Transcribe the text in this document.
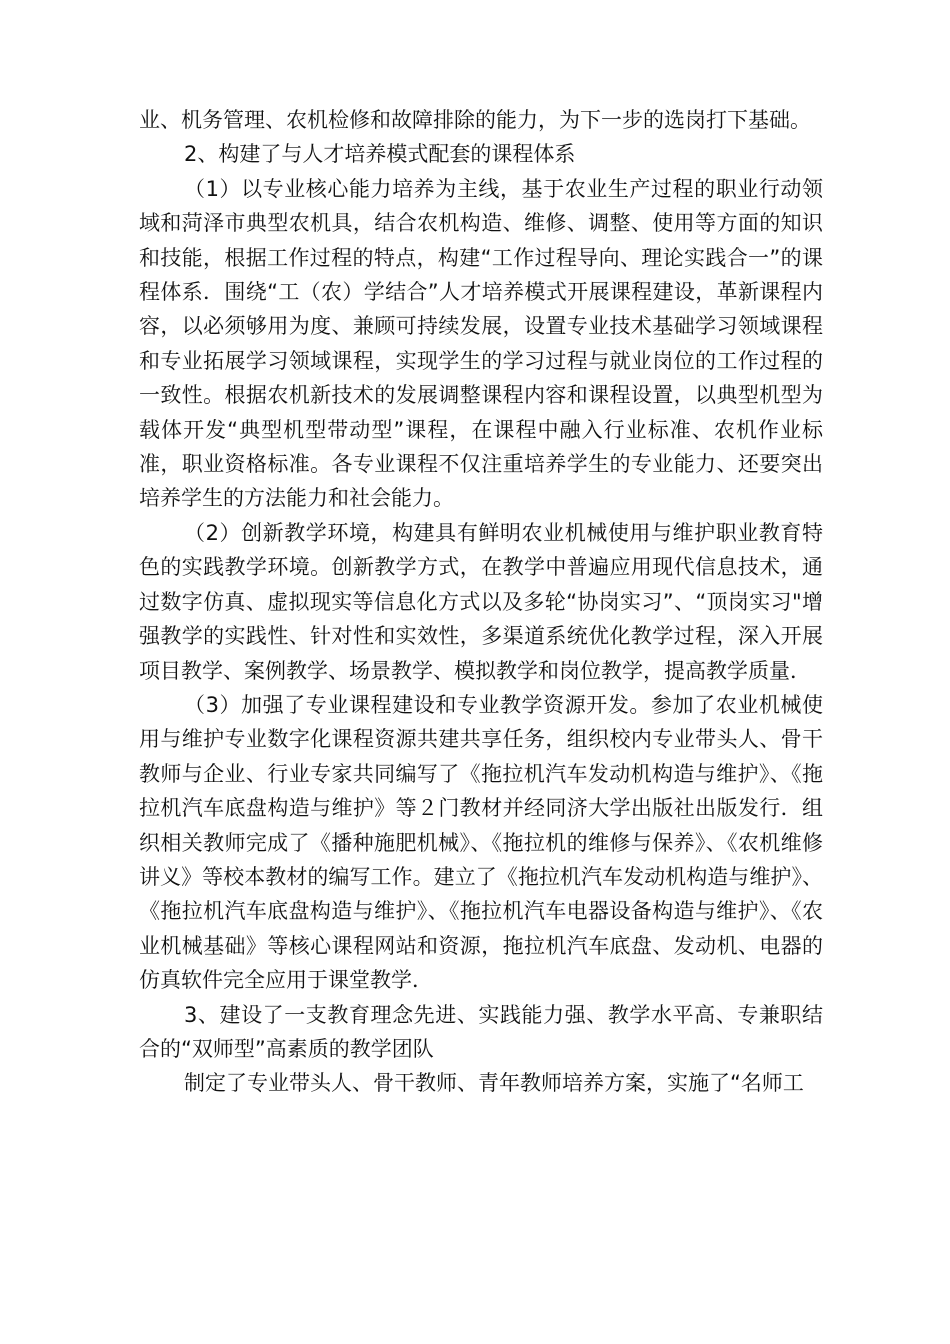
业、机务管理、农机检修和故障排除的能力，为下一步的选岗打下基础。

2、构建了与人才培养模式配套的课程体系

（1）以专业核心能力培养为主线，基于农业生产过程的职业行动领域和菏泽市典型农机具，结合农机构造、维修、调整、使用等方面的知识和技能，根据工作过程的特点，构建“工作过程导向、理论实践合一”的课程体系．围绕“工（农）学结合”人才培养模式开展课程建设，革新课程内容，以必须够用为度、兼顾可持续发展，设置专业技术基础学习领域课程和专业拓展学习领域课程，实现学生的学习过程与就业岗位的工作过程的一致性。根据农机新技术的发展调整课程内容和课程设置，以典型机型为载体开发“典型机型带动型”课程，在课程中融入行业标准、农机作业标准，职业资格标准。各专业课程不仅注重培养学生的专业能力、还要突出培养学生的方法能力和社会能力。

（2）创新教学环境，构建具有鲜明农业机械使用与维护职业教育特色的实践教学环境。创新教学方式，在教学中普遍应用现代信息技术，通过数字仿真、虚拟现实等信息化方式以及多轮“协岗实习”、“顶岗实习"增强教学的实践性、针对性和实效性，多渠道系统优化教学过程，深入开展项目教学、案例教学、场景教学、模拟教学和岗位教学，提高教学质量．

（3）加强了专业课程建设和专业教学资源开发。参加了农业机械使用与维护专业数字化课程资源共建共享任务，组织校内专业带头人、骨干教师与企业、行业专家共同编写了《拖拉机汽车发动机构造与维护》、《拖拉机汽车底盘构造与维护》等２门教材并经同济大学出版社出版发行．组织相关教师完成了《播种施肥机械》、《拖拉机的维修与保养》、《农机维修讲义》等校本教材的编写工作。建立了《拖拉机汽车发动机构造与维护》、《拖拉机汽车底盘构造与维护》、《拖拉机汽车电器设备构造与维护》、《农业机械基础》等核心课程网站和资源，拖拉机汽车底盘、发动机、电器的仿真软件完全应用于课堂教学．

3、建设了一支教育理念先进、实践能力强、教学水平高、专兼职结合的“双师型”高素质的教学团队

制定了专业带头人、骨干教师、青年教师培养方案，实施了“名师工
